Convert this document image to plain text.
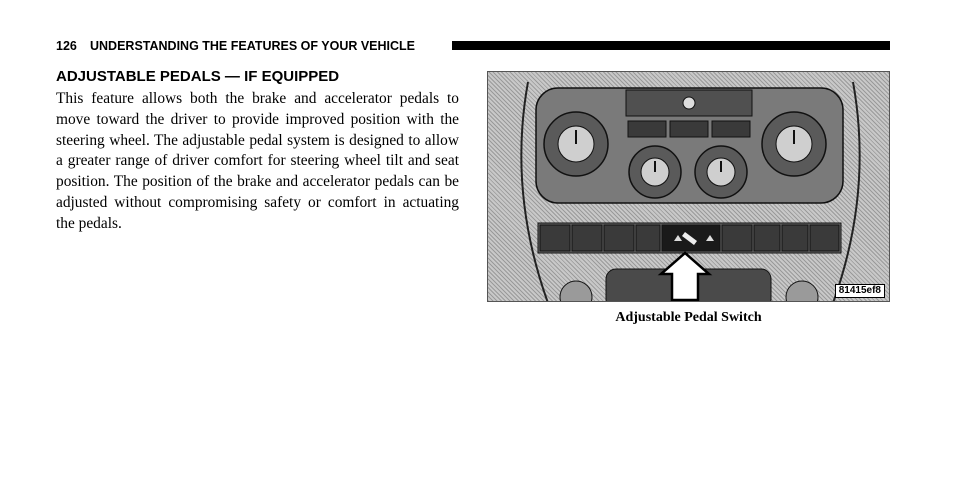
126 UNDERSTANDING THE FEATURES OF YOUR VEHICLE
ADJUSTABLE PEDALS — IF EQUIPPED

This feature allows both the brake and accelerator pedals to move toward the driver to provide improved position with the steering wheel. The adjustable pedal system is designed to allow a greater range of driver comfort for steering wheel tilt and seat position. The position of the brake and accelerator pedals can be adjusted without compromising safety or comfort in actuating the pedals.

81415ef8
Adjustable Pedal Switch
